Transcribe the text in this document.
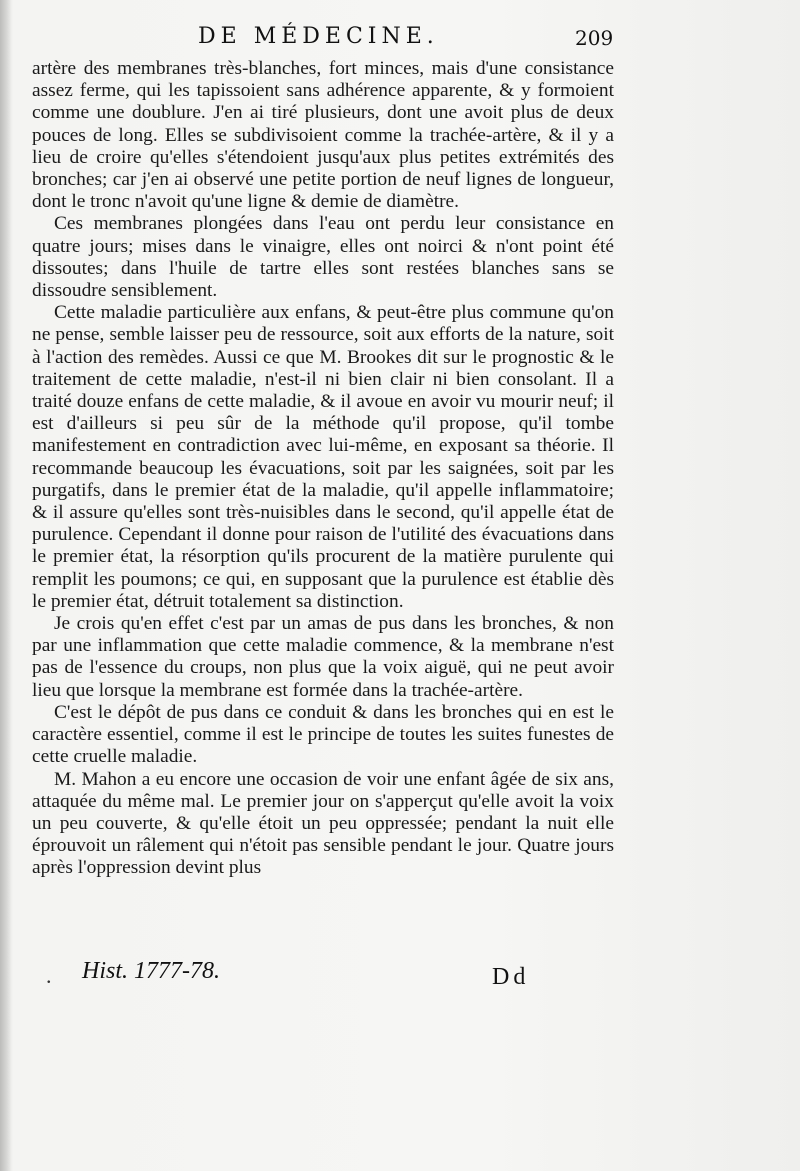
DE MÉDECINE.	209

artère des membranes très-blanches, fort minces, mais d'une consistance assez ferme, qui les tapissoient sans adhérence apparente, & y formoient comme une doublure. J'en ai tiré plusieurs, dont une avoit plus de deux pouces de long. Elles se subdivisoient comme la trachée-artère, & il y a lieu de croire qu'elles s'étendoient jusqu'aux plus petites extrémités des bronches; car j'en ai observé une petite portion de neuf lignes de longueur, dont le tronc n'avoit qu'une ligne & demie de diamètre.

Ces membranes plongées dans l'eau ont perdu leur consistance en quatre jours; mises dans le vinaigre, elles ont noirci & n'ont point été dissoutes; dans l'huile de tartre elles sont restées blanches sans se dissoudre sensiblement.

Cette maladie particulière aux enfans, & peut-être plus commune qu'on ne pense, semble laisser peu de ressource, soit aux efforts de la nature, soit à l'action des remèdes. Aussi ce que M. Brookes dit sur le prognostic & le traitement de cette maladie, n'est-il ni bien clair ni bien consolant. Il a traité douze enfans de cette maladie, & il avoue en avoir vu mourir neuf; il est d'ailleurs si peu sûr de la méthode qu'il propose, qu'il tombe manifestement en contradiction avec lui-même, en exposant sa théorie. Il recommande beaucoup les évacuations, soit par les saignées, soit par les purgatifs, dans le premier état de la maladie, qu'il appelle inflammatoire; & il assure qu'elles sont très-nuisibles dans le second, qu'il appelle état de purulence. Cependant il donne pour raison de l'utilité des évacuations dans le premier état, la résorption qu'ils procurent de la matière purulente qui remplit les poumons; ce qui, en supposant que la purulence est établie dès le premier état, détruit totalement sa distinction.

Je crois qu'en effet c'est par un amas de pus dans les bronches, & non par une inflammation que cette maladie commence, & la membrane n'est pas de l'essence du croups, non plus que la voix aiguë, qui ne peut avoir lieu que lorsque la membrane est formée dans la trachée-artère.

C'est le dépôt de pus dans ce conduit & dans les bronches qui en est le caractère essentiel, comme il est le principe de toutes les suites funestes de cette cruelle maladie.

M. Mahon a eu encore une occasion de voir une enfant âgée de six ans, attaquée du même mal. Le premier jour on s'apperçut qu'elle avoit la voix un peu couverte, & qu'elle étoit un peu oppressée; pendant la nuit elle éprouvoit un râlement qui n'étoit pas sensible pendant le jour. Quatre jours après l'oppression devint plus

. Hist. 1777-78.	Dd
